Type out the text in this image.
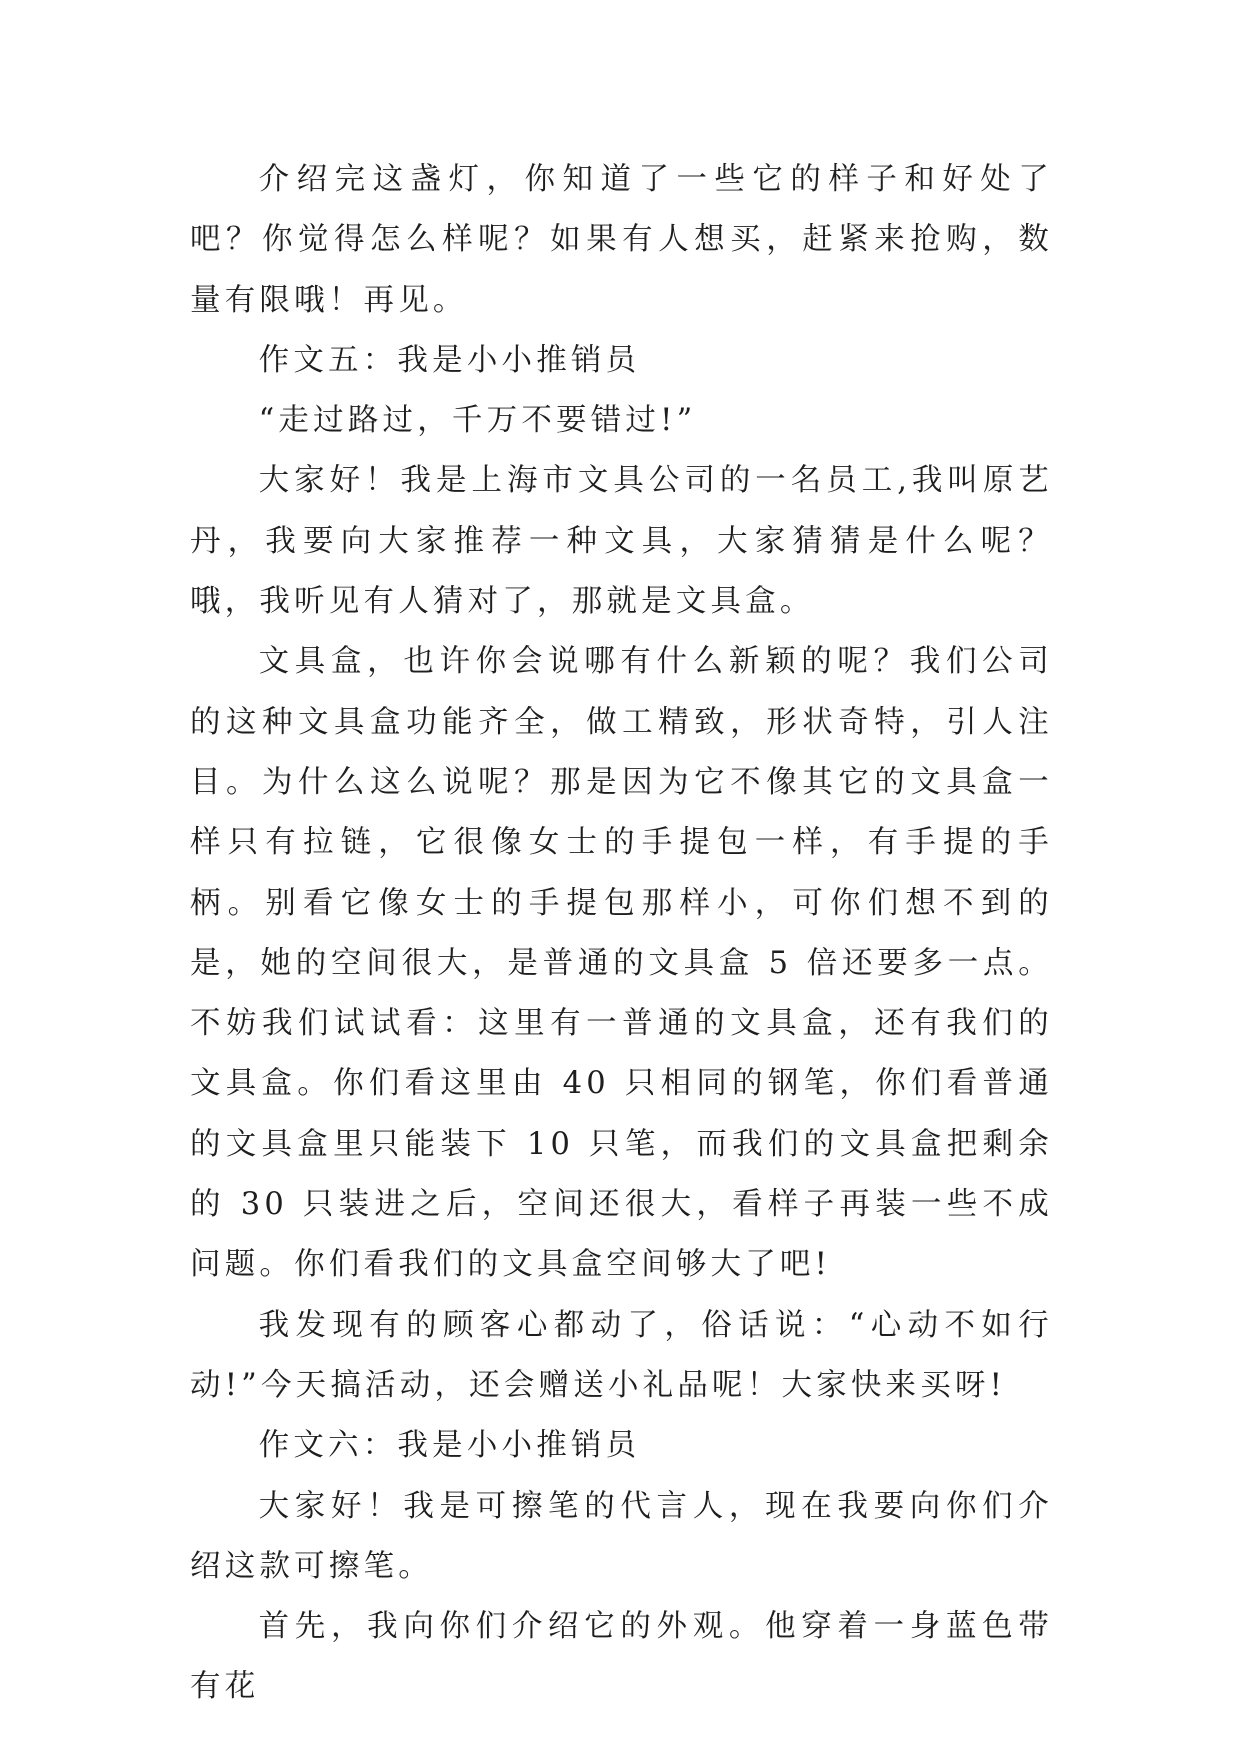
介绍完这盏灯，你知道了一些它的样子和好处了吧？你觉得怎么样呢？如果有人想买，赶紧来抢购，数量有限哦！再见。

作文五：我是小小推销员

“走过路过，千万不要错过!”

大家好！我是上海市文具公司的一名员工,我叫原艺丹，我要向大家推荐一种文具，大家猜猜是什么呢？哦，我听见有人猜对了，那就是文具盒。

文具盒，也许你会说哪有什么新颖的呢？我们公司的这种文具盒功能齐全，做工精致，形状奇特，引人注目。为什么这么说呢？那是因为它不像其它的文具盒一样只有拉链，它很像女士的手提包一样，有手提的手柄。别看它像女士的手提包那样小，可你们想不到的是，她的空间很大，是普通的文具盒 5 倍还要多一点。不妨我们试试看：这里有一普通的文具盒，还有我们的文具盒。你们看这里由 40 只相同的钢笔，你们看普通的文具盒里只能装下 10 只笔，而我们的文具盒把剩余的 30 只装进之后，空间还很大，看样子再装一些不成问题。你们看我们的文具盒空间够大了吧!

我发现有的顾客心都动了，俗话说：“心动不如行动!”今天搞活动，还会赠送小礼品呢！大家快来买呀!

作文六：我是小小推销员

大家好！我是可擦笔的代言人，现在我要向你们介绍这款可擦笔。

首先，我向你们介绍它的外观。他穿着一身蓝色带有花
